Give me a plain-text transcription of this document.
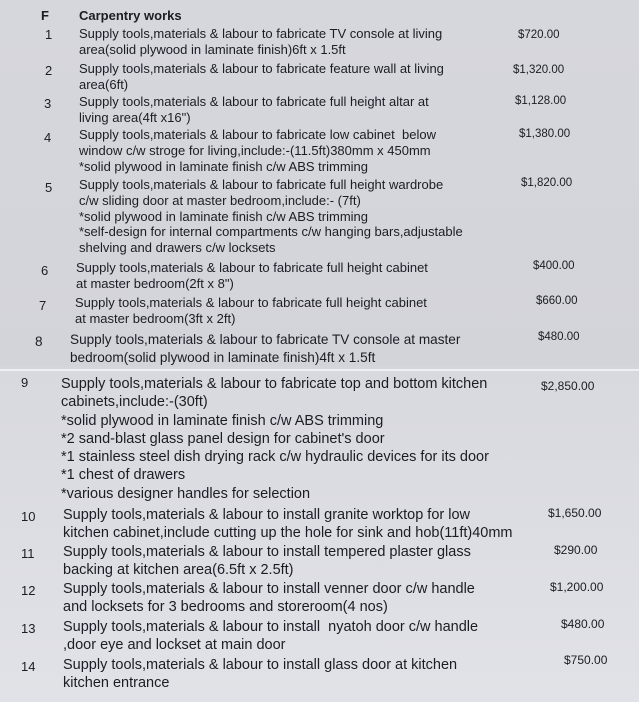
F Carpentry works
1 Supply tools,materials & labour to fabricate TV console at living
area(solid plywood in laminate finish)6ft x 1.5ft
$720.00
2 Supply tools,materials & labour to fabricate feature wall at living
area(6ft)
$1,320.00
3 Supply tools,materials & labour to fabricate full height altar at
living area(4ft x16")
$1,128.00
4 Supply tools,materials & labour to fabricate low cabinet  below
window c/w stroge for living,include:-(11.5ft)380mm x 450mm
*solid plywood in laminate finish c/w ABS trimming
$1,380.00
5 Supply tools,materials & labour to fabricate full height wardrobe
c/w sliding door at master bedroom,include:- (7ft)
*solid plywood in laminate finish c/w ABS trimming
*self-design for internal compartments c/w hanging bars,adjustable
shelving and drawers c/w locksets
$1,820.00
6 Supply tools,materials & labour to fabricate full height cabinet
at master bedroom(2ft x 8")
$400.00
7 Supply tools,materials & labour to fabricate full height cabinet
at master bedroom(3ft x 2ft)
$660.00
8 Supply tools,materials & labour to fabricate TV console at master
bedroom(solid plywood in laminate finish)4ft x 1.5ft
$480.00
9 Supply tools,materials & labour to fabricate top and bottom kitchen
cabinets,include:-(30ft)
*solid plywood in laminate finish c/w ABS trimming
*2 sand-blast glass panel design for cabinet's door
*1 stainless steel dish drying rack c/w hydraulic devices for its door
*1 chest of drawers
*various designer handles for selection
$2,850.00
10 Supply tools,materials & labour to install granite worktop for low
kitchen cabinet,include cutting up the hole for sink and hob(11ft)40mm
$1,650.00
11 Supply tools,materials & labour to install tempered plaster glass
backing at kitchen area(6.5ft x 2.5ft)
$290.00
12 Supply tools,materials & labour to install venner door c/w handle
and locksets for 3 bedrooms and storeroom(4 nos)
$1,200.00
13 Supply tools,materials & labour to install  nyatoh door c/w handle
,door eye and lockset at main door
$480.00
14 Supply tools,materials & labour to install glass door at kitchen
kitchen entrance
$750.00
